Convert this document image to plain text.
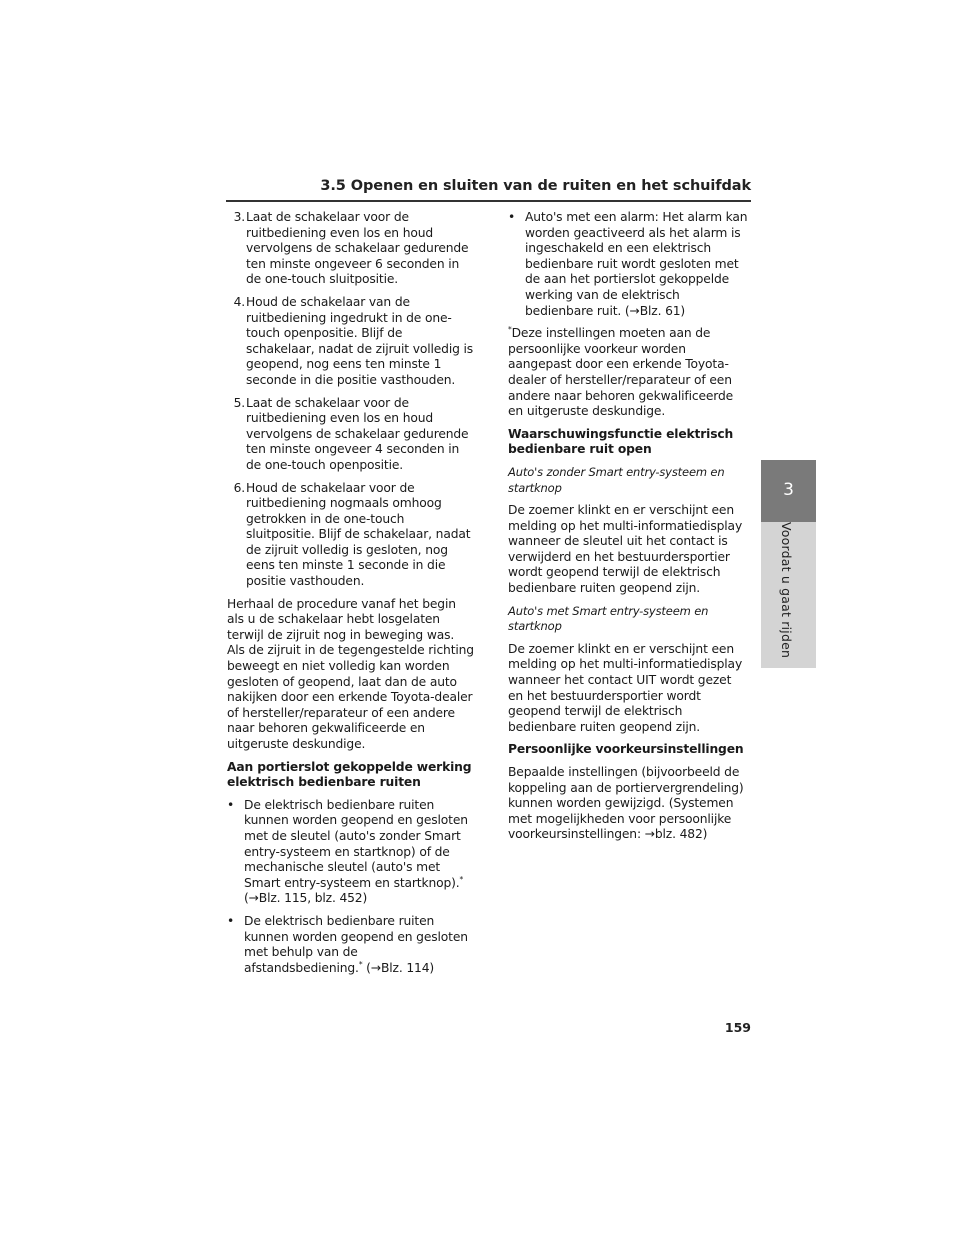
3.5 Openen en sluiten van de ruiten en het schuifdak
3. Laat de schakelaar voor de ruitbediening even los en houd vervolgens de schakelaar gedurende ten minste ongeveer 6 seconden in de one-touch sluitpositie.
4. Houd de schakelaar van de ruitbediening ingedrukt in de one-touch openpositie. Blijf de schakelaar, nadat de zijruit volledig is geopend, nog eens ten minste 1 seconde in die positie vasthouden.
5. Laat de schakelaar voor de ruitbediening even los en houd vervolgens de schakelaar gedurende ten minste ongeveer 4 seconden in de one-touch openpositie.
6. Houd de schakelaar voor de ruitbediening nogmaals omhoog getrokken in de one-touch sluitpositie. Blijf de schakelaar, nadat de zijruit volledig is gesloten, nog eens ten minste 1 seconde in die positie vasthouden.

Herhaal de procedure vanaf het begin als u de schakelaar hebt losgelaten terwijl de zijruit nog in beweging was. Als de zijruit in de tegengestelde richting beweegt en niet volledig kan worden gesloten of geopend, laat dan de auto nakijken door een erkende Toyota-dealer of hersteller/reparateur of een andere naar behoren gekwalificeerde en uitgeruste deskundige.

Aan portierslot gekoppelde werking elektrisch bedienbare ruiten
• De elektrisch bedienbare ruiten kunnen worden geopend en gesloten met de sleutel (auto's zonder Smart entry-systeem en startknop) of de mechanische sleutel (auto's met Smart entry-systeem en startknop).*
(→Blz. 115, blz. 452)
• De elektrisch bedienbare ruiten kunnen worden geopend en gesloten met behulp van de afstandsbediening.* (→Blz. 114)
• Auto's met een alarm: Het alarm kan worden geactiveerd als het alarm is ingeschakeld en een elektrisch bedienbare ruit wordt gesloten met de aan het portierslot gekoppelde werking van de elektrisch bedienbare ruit. (→Blz. 61)

*Deze instellingen moeten aan de persoonlijke voorkeur worden aangepast door een erkende Toyota-dealer of hersteller/reparateur of een andere naar behoren gekwalificeerde en uitgeruste deskundige.

Waarschuwingsfunctie elektrisch bedienbare ruit open
Auto's zonder Smart entry-systeem en startknop

De zoemer klinkt en er verschijnt een melding op het multi-informatiedisplay wanneer de sleutel uit het contact is verwijderd en het bestuurdersportier wordt geopend terwijl de elektrisch bedienbare ruiten geopend zijn.

Auto's met Smart entry-systeem en startknop

De zoemer klinkt en er verschijnt een melding op het multi-informatiedisplay wanneer het contact UIT wordt gezet en het bestuurdersportier wordt geopend terwijl de elektrisch bedienbare ruiten geopend zijn.

Persoonlijke voorkeursinstellingen

Bepaalde instellingen (bijvoorbeeld de koppeling aan de portiervergrendeling) kunnen worden gewijzigd. (Systemen met mogelijkheden voor persoonlijke voorkeursinstellingen: →blz. 482)

3
Voordat u gaat rijden
159
